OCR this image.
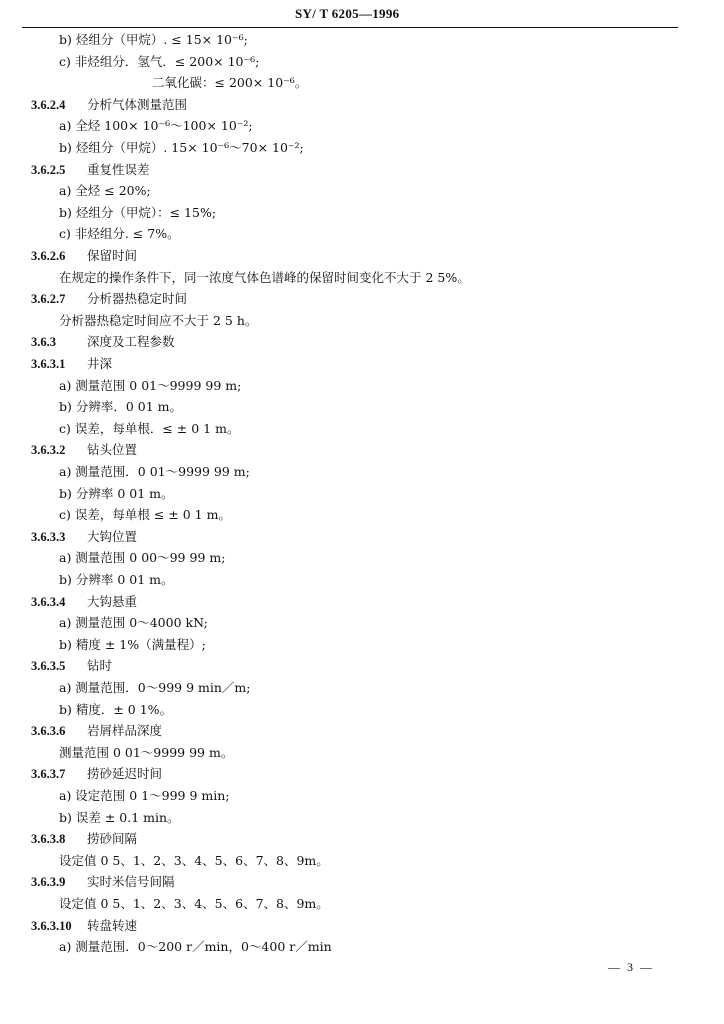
SY/ T 6205—1996
b) 烃组分（甲烷）. ≤ 15× 10⁻⁶;
c) 非烃组分．氢气．≤ 200× 10⁻⁶;
二氧化碳：≤ 200× 10⁻⁶。
3.6.2.4 分析气体测量范围
a) 全烃 100× 10⁻⁶～100× 10⁻²;
b) 烃组分（甲烷）. 15× 10⁻⁶～70× 10⁻²;
3.6.2.5 重复性误差
a) 全烃 ≤ 20%;
b) 烃组分（甲烷）：≤ 15%;
c) 非烃组分. ≤ 7%。
3.6.2.6 保留时间
在规定的操作条件下，同一浓度气体色谱峰的保留时间变化不大于 2 5%。
3.6.2.7 分析器热稳定时间
分析器热稳定时间应不大于 2 5 h。
3.6.3 深度及工程参数
3.6.3.1 井深
a) 测量范围 0 01～9999 99 m;
b) 分辨率．0 01 m。
c) 误差，每单根．≤ ± 0 1 m。
3.6.3.2 钻头位置
a) 测量范围．0 01～9999 99 m;
b) 分辨率 0 01 m。
c) 误差，每单根 ≤ ± 0 1 m。
3.6.3.3 大钩位置
a) 测量范围 0 00～99 99 m;
b) 分辨率 0 01 m。
3.6.3.4 大钩悬重
a) 测量范围 0～4000 kN;
b) 精度 ± 1%（满量程）;
3.6.3.5 钻时
a) 测量范围．0～999 9 min／m;
b) 精度．± 0 1%。
3.6.3.6 岩屑样品深度
测量范围 0 01～9999 99 m。
3.6.3.7 捞砂延迟时间
a) 设定范围 0 1～999 9 min;
b) 误差 ± 0.1 min。
3.6.3.8 捞砂间隔
设定值 0 5、1、2、3、4、5、6、7、8、9m。
3.6.3.9 实时米信号间隔
设定值 0 5、1、2、3、4、5、6、7、8、9m。
3.6.3.10 转盘转速
a) 测量范围．0～200 r／min，0～400 r／min
— 3 —
